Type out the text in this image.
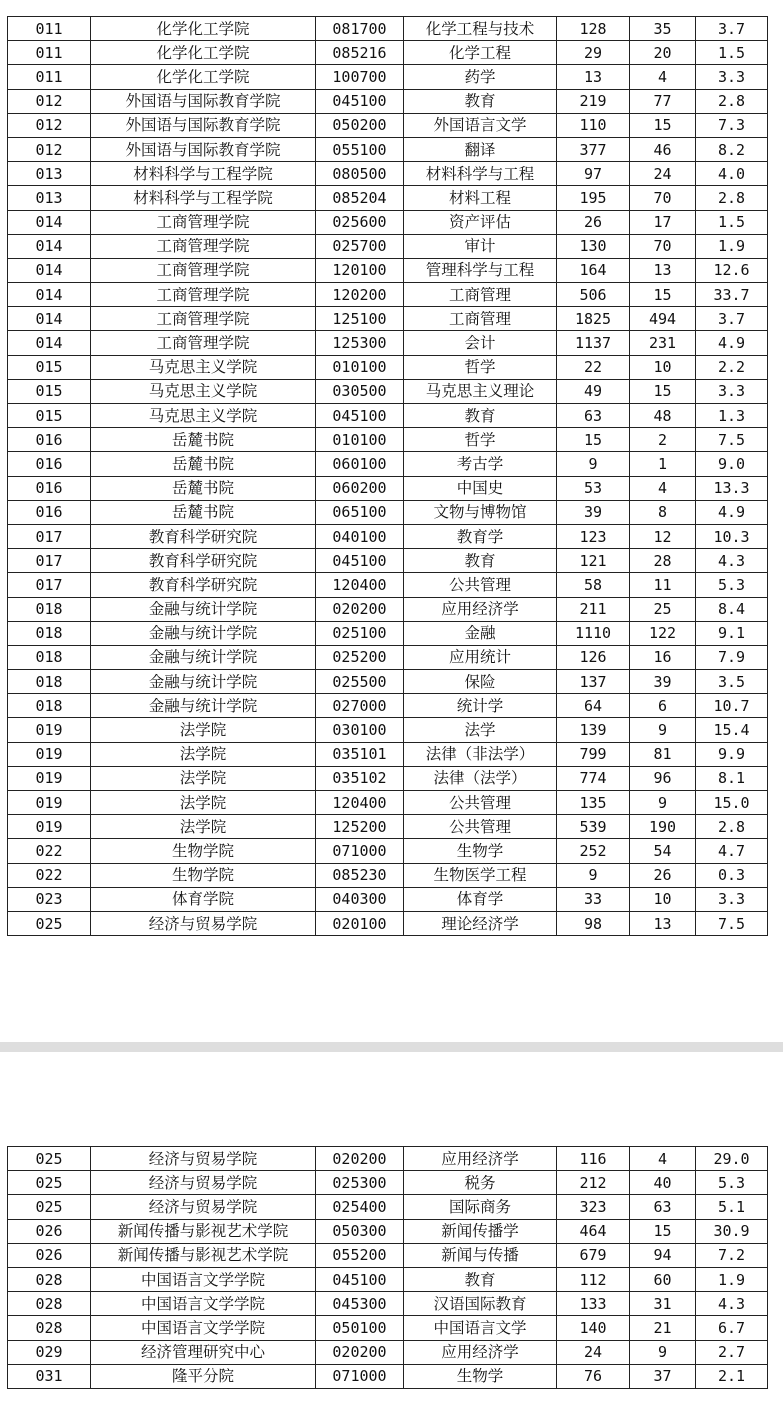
011	化学化工学院	081700	化学工程与技术	128	35	3.7
011	化学化工学院	085216	化学工程	29	20	1.5
011	化学化工学院	100700	药学	13	4	3.3
012	外国语与国际教育学院	045100	教育	219	77	2.8
012	外国语与国际教育学院	050200	外国语言文学	110	15	7.3
012	外国语与国际教育学院	055100	翻译	377	46	8.2
013	材料科学与工程学院	080500	材料科学与工程	97	24	4.0
013	材料科学与工程学院	085204	材料工程	195	70	2.8
014	工商管理学院	025600	资产评估	26	17	1.5
014	工商管理学院	025700	审计	130	70	1.9
014	工商管理学院	120100	管理科学与工程	164	13	12.6
014	工商管理学院	120200	工商管理	506	15	33.7
014	工商管理学院	125100	工商管理	1825	494	3.7
014	工商管理学院	125300	会计	1137	231	4.9
015	马克思主义学院	010100	哲学	22	10	2.2
015	马克思主义学院	030500	马克思主义理论	49	15	3.3
015	马克思主义学院	045100	教育	63	48	1.3
016	岳麓书院	010100	哲学	15	2	7.5
016	岳麓书院	060100	考古学	9	1	9.0
016	岳麓书院	060200	中国史	53	4	13.3
016	岳麓书院	065100	文物与博物馆	39	8	4.9
017	教育科学研究院	040100	教育学	123	12	10.3
017	教育科学研究院	045100	教育	121	28	4.3
017	教育科学研究院	120400	公共管理	58	11	5.3
018	金融与统计学院	020200	应用经济学	211	25	8.4
018	金融与统计学院	025100	金融	1110	122	9.1
018	金融与统计学院	025200	应用统计	126	16	7.9
018	金融与统计学院	025500	保险	137	39	3.5
018	金融与统计学院	027000	统计学	64	6	10.7
019	法学院	030100	法学	139	9	15.4
019	法学院	035101	法律（非法学）	799	81	9.9
019	法学院	035102	法律（法学）	774	96	8.1
019	法学院	120400	公共管理	135	9	15.0
019	法学院	125200	公共管理	539	190	2.8
022	生物学院	071000	生物学	252	54	4.7
022	生物学院	085230	生物医学工程	9	26	0.3
023	体育学院	040300	体育学	33	10	3.3
025	经济与贸易学院	020100	理论经济学	98	13	7.5
025	经济与贸易学院	020200	应用经济学	116	4	29.0
025	经济与贸易学院	025300	税务	212	40	5.3
025	经济与贸易学院	025400	国际商务	323	63	5.1
026	新闻传播与影视艺术学院	050300	新闻传播学	464	15	30.9
026	新闻传播与影视艺术学院	055200	新闻与传播	679	94	7.2
028	中国语言文学学院	045100	教育	112	60	1.9
028	中国语言文学学院	045300	汉语国际教育	133	31	4.3
028	中国语言文学学院	050100	中国语言文学	140	21	6.7
029	经济管理研究中心	020200	应用经济学	24	9	2.7
031	隆平分院	071000	生物学	76	37	2.1
